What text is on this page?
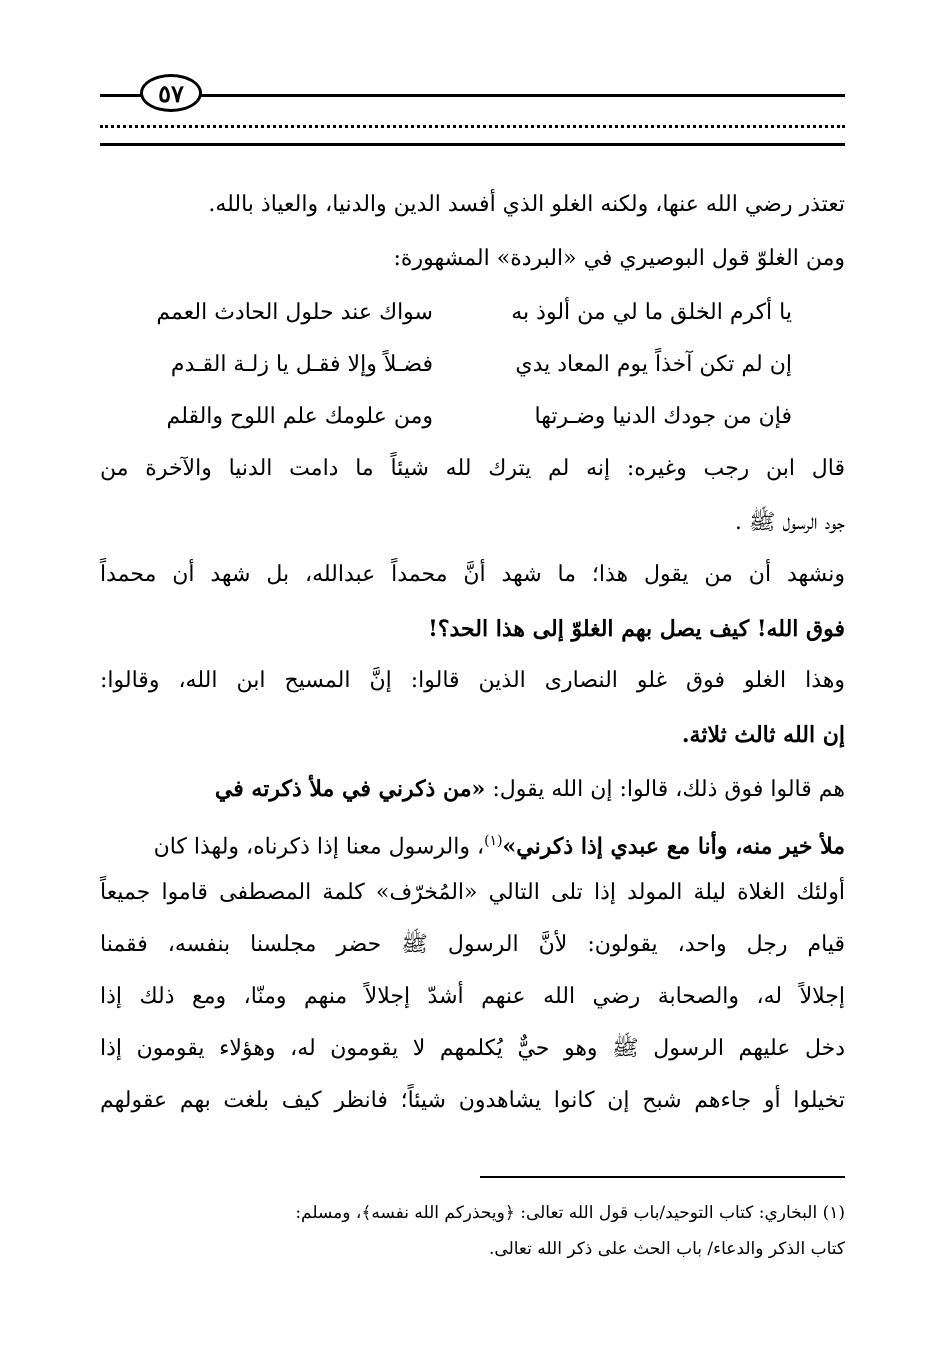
٥٧
تعتذر رضي الله عنها، ولكنه الغلو الذي أفسد الدين والدنيا، والعياذ بالله.
ومن الغلوّ قول البوصيري في «البردة» المشهورة:
يا أكرم الخلق ما لي من ألوذ به
سواك عند حلول الحادث العمم
إن لم تكن آخذاً يوم المعاد يدي
فضـلاً وإلا فقـل يا زلـة القـدم
فإن من جودك الدنيا وضـرتها
ومن علومك علم اللوح والقلم
قال ابن رجب وغيره: إنه لم يترك لله شيئاً ما دامت الدنيا والآخرة من
جود الرسول ﷺ .
ونشهد أن من يقول هذا؛ ما شهد أنَّ محمداً عبدالله، بل شهد أن محمداً
فوق الله! كيف يصل بهم الغلوّ إلى هذا الحد؟!
وهذا الغلو فوق غلو النصارى الذين قالوا: إنَّ المسيح ابن الله، وقالوا:
إن الله ثالث ثلاثة.
هم قالوا فوق ذلك، قالوا: إن الله يقول: «من ذكرني في ملأ ذكرته في
ملأ خير منه، وأنا مع عبدي إذا ذكرني»$^{(١)}$، والرسول معنا إذا ذكرناه، ولهذا كان
أولئك الغلاة ليلة المولد إذا تلى التالي «المُخرّف» كلمة المصطفى قاموا جميعاً
قيام رجل واحد، يقولون: لأنَّ الرسول ﷺ حضر مجلسنا بنفسه، فقمنا
إجلالاً له، والصحابة رضي الله عنهم أشدّ إجلالاً منهم ومنّا، ومع ذلك إذا
دخل عليهم الرسول ﷺ وهو حيٌّ يُكلمهم لا يقومون له، وهؤلاء يقومون إذا
تخيلوا أو جاءهم شبح إن كانوا يشاهدون شيئاً؛ فانظر كيف بلغت بهم عقولهم
(١) البخاري: كتاب التوحيد/باب قول الله تعالى: ﴿ويحذركم الله نفسه﴾، ومسلم:
كتاب الذكر والدعاء/ باب الحث على ذكر الله تعالى.
